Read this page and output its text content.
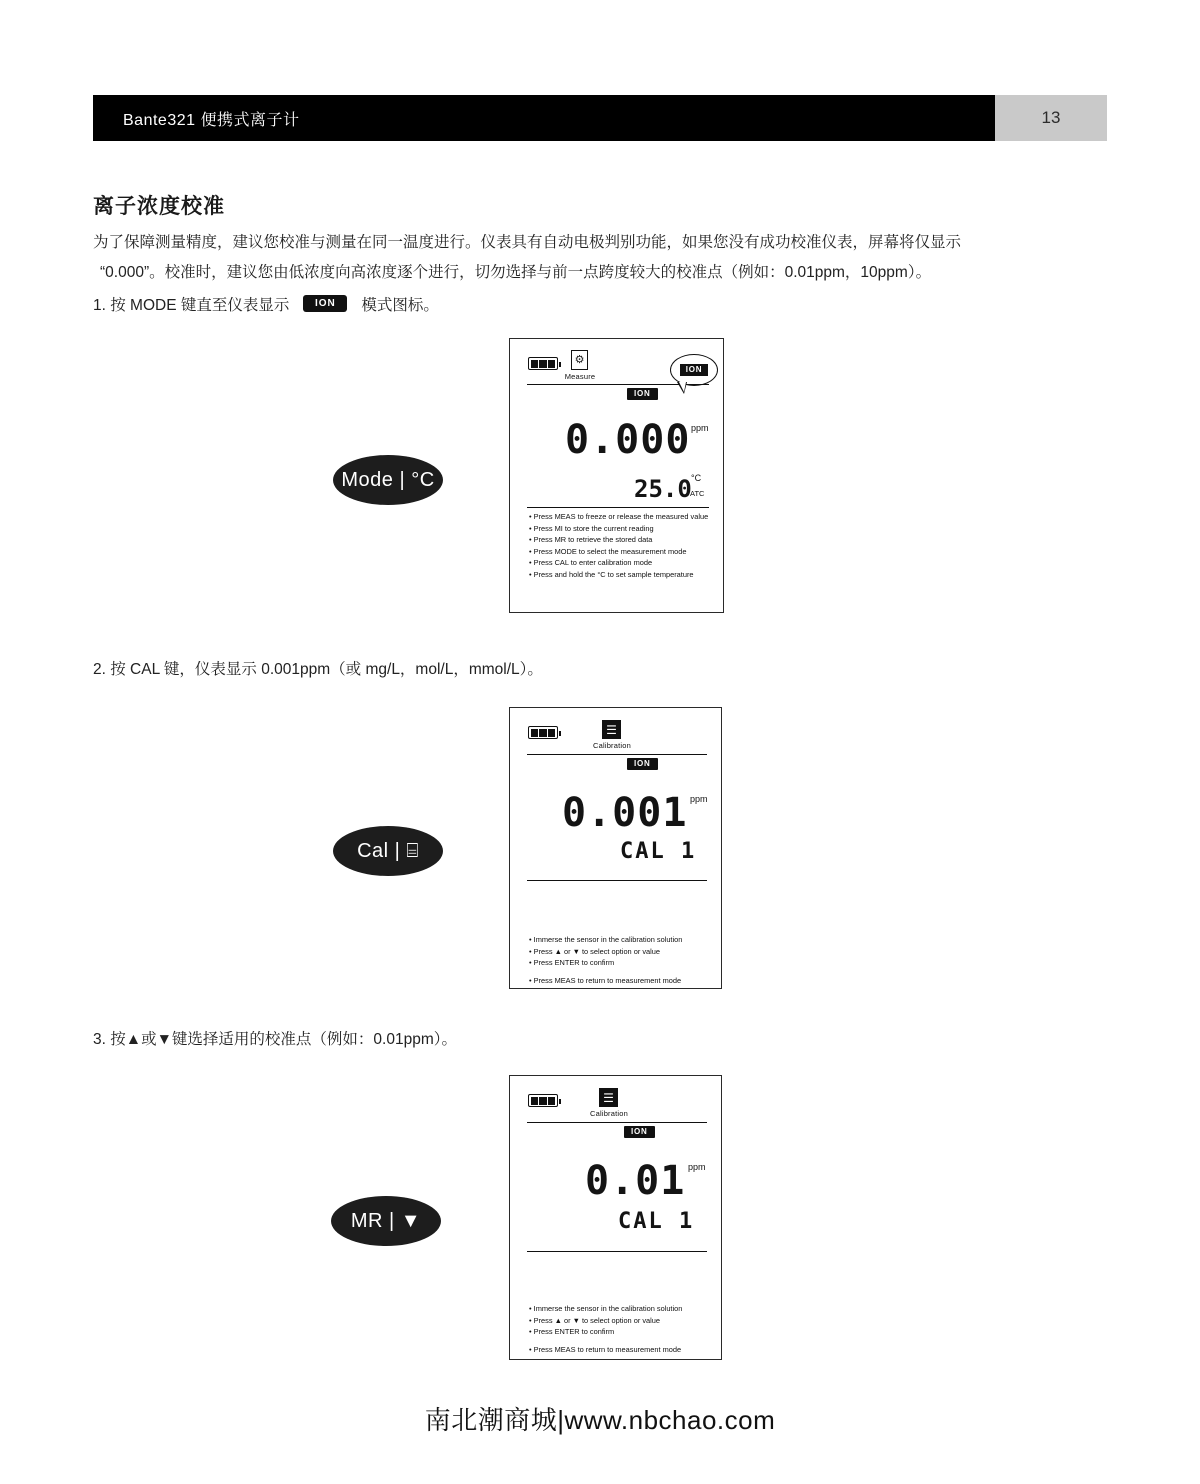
Bante321 便携式离子计	13
离子浓度校准
为了保障测量精度，建议您校准与测量在同一温度进行。仪表具有自动电极判别功能，如果您没有成功校准仪表，屏幕将仅显示
“0.000”。校准时，建议您由低浓度向高浓度逐个进行，切勿选择与前一点跨度较大的校准点（例如：0.01ppm，10ppm）。
1. 按 MODE 键直至仪表显示	ION	模式图标。
2. 按 CAL 键，仪表显示 0.001ppm（或 mg/L，mol/L，mmol/L）。
3. 按▲或▼键选择适用的校准点（例如：0.01ppm）。
⚙
Measure
ION
ION
0.000 ppm
25.0 °C
ATC
• Press MEAS to freeze or release the measured value
• Press MI to store the current reading
• Press MR to retrieve the stored data
• Press MODE to select the measurement mode
• Press CAL to enter calibration mode
• Press and hold the °C to set sample temperature
Mode | °C
☰
Calibration
ION
0.001 ppm
CAL 1
• Immerse the sensor in the calibration solution
• Press ▲ or ▼ to select option or value
• Press ENTER to confirm
• Press MEAS to return to measurement mode
Cal | ⌸
☰
Calibration
ION
0.01 ppm
CAL 1
• Immerse the sensor in the calibration solution
• Press ▲ or ▼ to select option or value
• Press ENTER to confirm
• Press MEAS to return to measurement mode
MR | ▼
南北潮商城|www.nbchao.com
